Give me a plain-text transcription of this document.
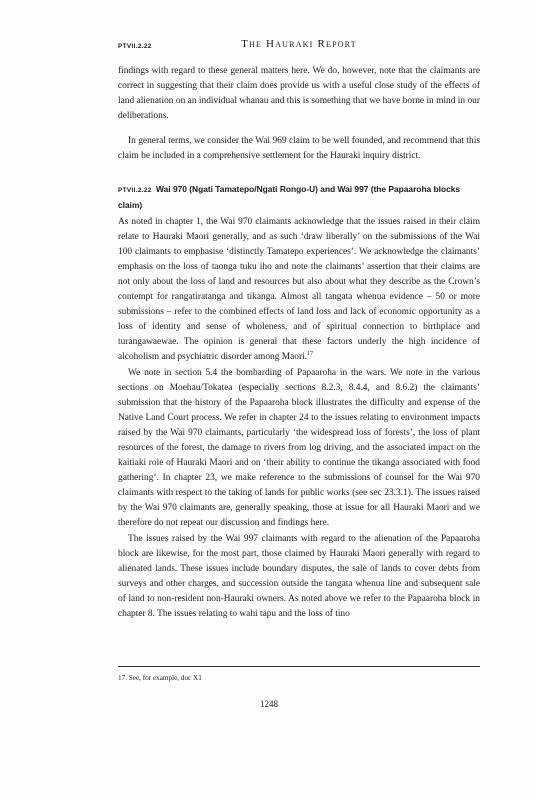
PTVII.2.22	The Hauraki Report

findings with regard to these general matters here. We do, however, note that the claimants are correct in suggesting that their claim does provide us with a useful close study of the effects of land alienation on an individual whanau and this is something that we have borne in mind in our deliberations.

In general terms, we consider the Wai 969 claim to be well founded, and recommend that this claim be included in a comprehensive settlement for the Hauraki inquiry district.

PTVII.2.22 Wai 970 (Ngati Tamatepo/Ngati Rongo-U) and Wai 997 (the Papaaroha blocks claim)

As noted in chapter 1, the Wai 970 claimants acknowledge that the issues raised in their claim relate to Hauraki Maori generally, and as such ‘draw liberally’ on the submissions of the Wai 100 claimants to emphasise ‘distinctly Tamatepo experiences’. We acknowledge the claimants’ emphasis on the loss of taonga tuku iho and note the claimants’ assertion that their claims are not only about the loss of land and resources but also about what they describe as the Crown’s contempt for rangatiratanga and tikanga. Almost all tangata whenua evidence – 50 or more submissions – refer to the combined effects of land loss and lack of economic opportunity as a loss of identity and sense of wholeness, and of spiritual connection to birthplace and turangawaewae. The opinion is general that these factors underly the high incidence of alcoholism and psychiatric disorder among Maori.$^{17}$

We note in section 5.4 the bombarding of Papaaroha in the wars. We note in the various sections on Moehau/Tokatea (especially sections 8.2.3, 8.4.4, and 8.6.2) the claimants’ submission that the history of the Papaaroha block illustrates the difficulty and expense of the Native Land Court process. We refer in chapter 24 to the issues relating to environment impacts raised by the Wai 970 claimants, particularly ‘the widespread loss of forests’, the loss of plant resources of the forest, the damage to rivers from log driving, and the associated impact on the kaitiaki role of Hauraki Maori and on ‘their ability to continue the tikanga associated with food gathering’. In chapter 23, we make reference to the submissions of counsel for the Wai 970 claimants with respect to the taking of lands for public works (see sec 23.3.1). The issues raised by the Wai 970 claimants are, generally speaking, those at issue for all Hauraki Maori and we therefore do not repeat our discussion and findings here.

The issues raised by the Wai 997 claimants with regard to the alienation of the Papaaroha block are likewise, for the most part, those claimed by Hauraki Maori generally with regard to alienated lands. These issues include boundary disputes, the sale of lands to cover debts from surveys and other charges, and succession outside the tangata whenua line and subsequent sale of land to non-resident non-Hauraki owners. As noted above we refer to the Papaaroha block in chapter 8. The issues relating to wahi tapu and the loss of tino

17. See, for example, doc X1
1248
